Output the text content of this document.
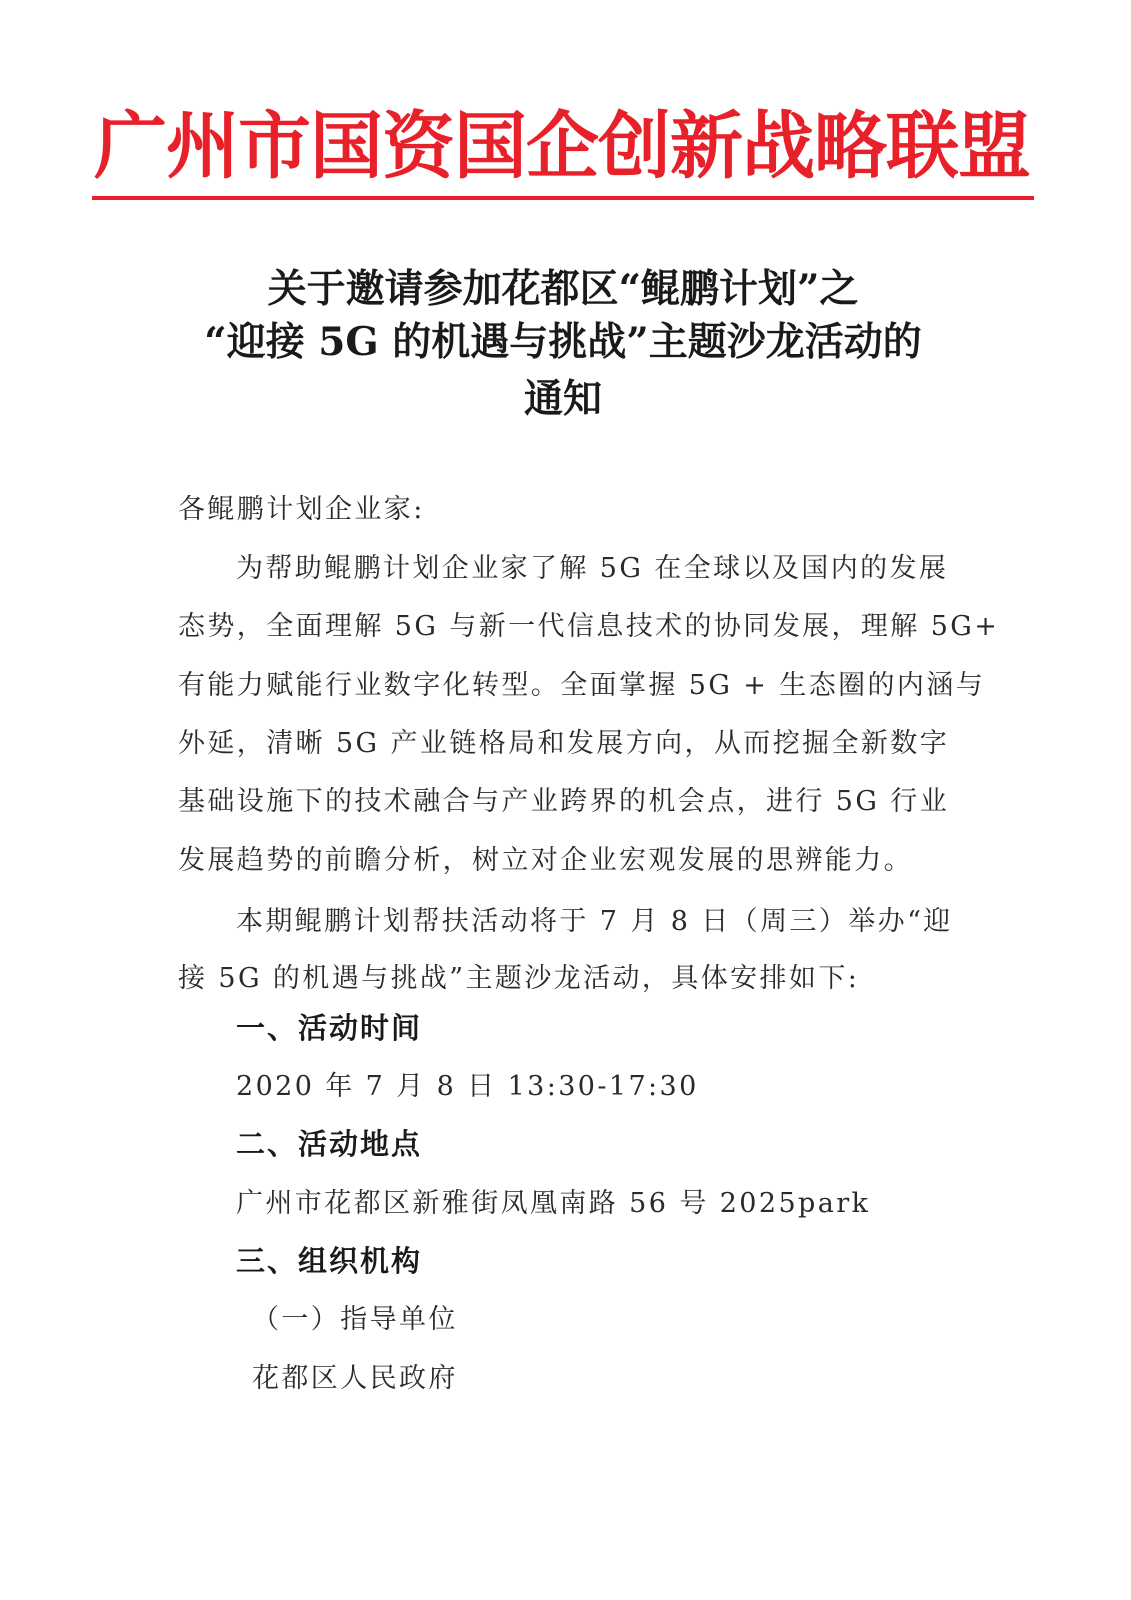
广州市国资国企创新战略联盟
关于邀请参加花都区“鲲鹏计划”之
“迎接 5G 的机遇与挑战”主题沙龙活动的
通知
各鲲鹏计划企业家:
为帮助鲲鹏计划企业家了解 5G 在全球以及国内的发展
态势，全面理解 5G 与新一代信息技术的协同发展，理解 5G+
有能力赋能行业数字化转型。全面掌握 5G + 生态圈的内涵与
外延，清晰 5G 产业链格局和发展方向，从而挖掘全新数字
基础设施下的技术融合与产业跨界的机会点，进行 5G 行业
发展趋势的前瞻分析，树立对企业宏观发展的思辨能力。
本期鲲鹏计划帮扶活动将于 7 月 8 日（周三）举办“迎
接 5G 的机遇与挑战”主题沙龙活动，具体安排如下:
一、活动时间
2020 年 7 月 8 日 13:30-17:30
二、活动地点
广州市花都区新雅街凤凰南路 56 号 2025park
三、组织机构
（一）指导单位
花都区人民政府
